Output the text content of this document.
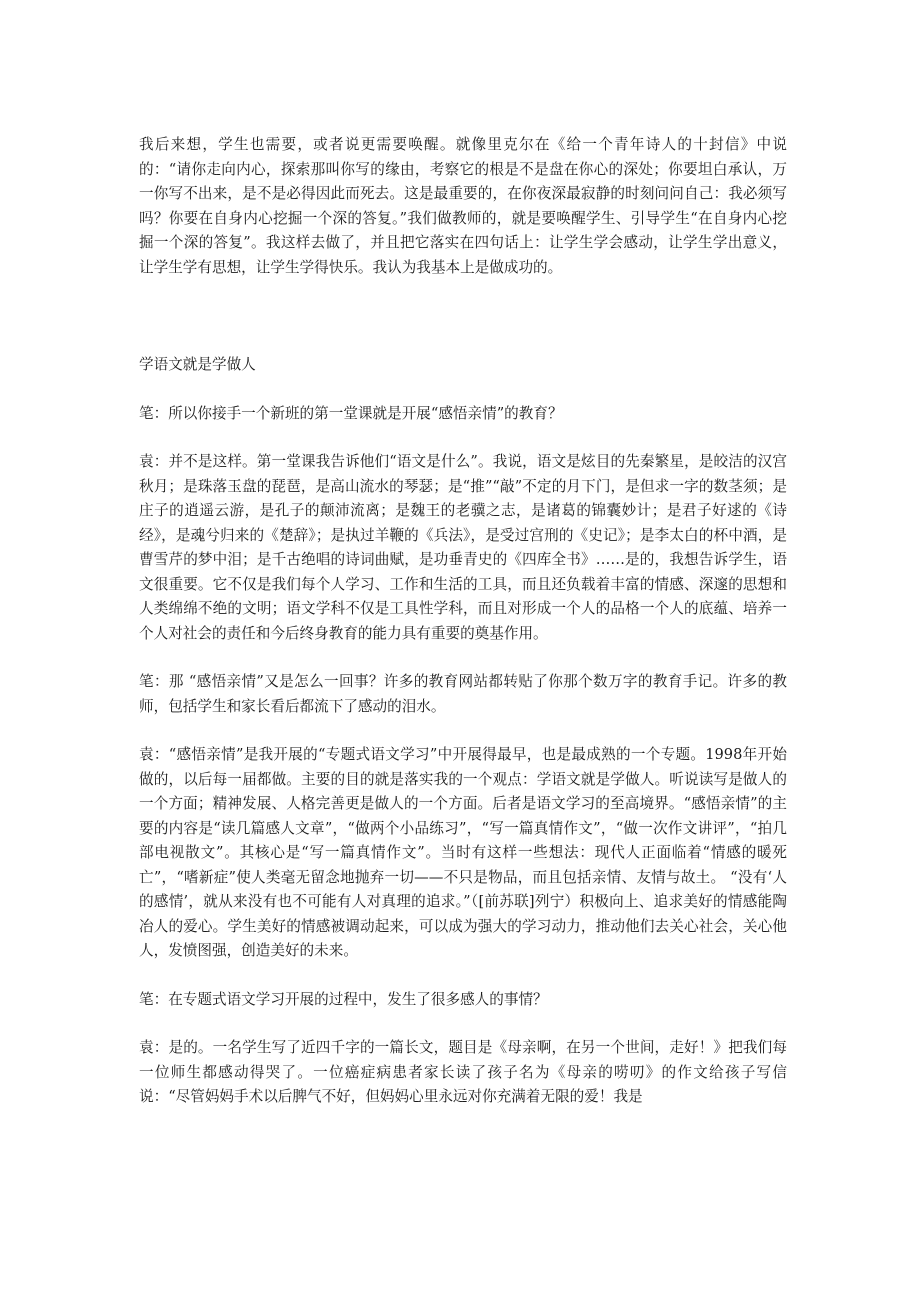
我后来想，学生也需要，或者说更需要唤醒。就像里克尔在《给一个青年诗人的十封信》中说的：“请你走向内心，探索那叫你写的缘由，考察它的根是不是盘在你心的深处；你要坦白承认，万一你写不出来，是不是必得因此而死去。这是最重要的，在你夜深最寂静的时刻问问自己：我必须写吗？你要在自身内心挖掘一个深的答复。”我们做教师的，就是要唤醒学生、引导学生“在自身内心挖掘一个深的答复”。我这样去做了，并且把它落实在四句话上：让学生学会感动，让学生学出意义，让学生学有思想，让学生学得快乐。我认为我基本上是做成功的。

学语文就是学做人

笔：所以你接手一个新班的第一堂课就是开展“感悟亲情”的教育？

袁：并不是这样。第一堂课我告诉他们“语文是什么”。我说，语文是炫目的先秦繁星，是皎洁的汉宫秋月；是珠落玉盘的琵琶，是高山流水的琴瑟；是“推”“敲”不定的月下门，是但求一字的数茎须；是庄子的逍遥云游，是孔子的颠沛流离；是魏王的老骥之志，是诸葛的锦囊妙计；是君子好逑的《诗经》，是魂兮归来的《楚辞》；是执过羊鞭的《兵法》，是受过宫刑的《史记》；是李太白的杯中酒，是曹雪芹的梦中泪；是千古绝唱的诗词曲赋，是功垂青史的《四库全书》……是的，我想告诉学生，语文很重要。它不仅是我们每个人学习、工作和生活的工具，而且还负载着丰富的情感、深邃的思想和人类绵绵不绝的文明；语文学科不仅是工具性学科，而且对形成一个人的品格一个人的底蕴、培养一个人对社会的责任和今后终身教育的能力具有重要的奠基作用。

笔：那 “感悟亲情”又是怎么一回事？许多的教育网站都转贴了你那个数万字的教育手记。许多的教师，包括学生和家长看后都流下了感动的泪水。

袁：“感悟亲情”是我开展的“专题式语文学习”中开展得最早，也是最成熟的一个专题。1998年开始做的，以后每一届都做。主要的目的就是落实我的一个观点：学语文就是学做人。听说读写是做人的一个方面；精神发展、人格完善更是做人的一个方面。后者是语文学习的至高境界。“感悟亲情”的主要的内容是“读几篇感人文章”，“做两个小品练习”，“写一篇真情作文”，“做一次作文讲评”，“拍几部电视散文”。其核心是“写一篇真情作文”。当时有这样一些想法：现代人正面临着“情感的暖死亡”，“嗜新症”使人类毫无留念地抛弃一切——不只是物品，而且包括亲情、友情与故土。 “没有‘人的感情’，就从来没有也不可能有人对真理的追求。”（[前苏联]列宁）积极向上、追求美好的情感能陶冶人的爱心。学生美好的情感被调动起来，可以成为强大的学习动力，推动他们去关心社会，关心他人，发愤图强，创造美好的未来。

笔：在专题式语文学习开展的过程中，发生了很多感人的事情？

袁：是的。一名学生写了近四千字的一篇长文，题目是《母亲啊，在另一个世间，走好！》把我们每一位师生都感动得哭了。一位癌症病患者家长读了孩子名为《母亲的唠叨》的作文给孩子写信说：“尽管妈妈手术以后脾气不好，但妈妈心里永远对你充满着无限的爱！我是
